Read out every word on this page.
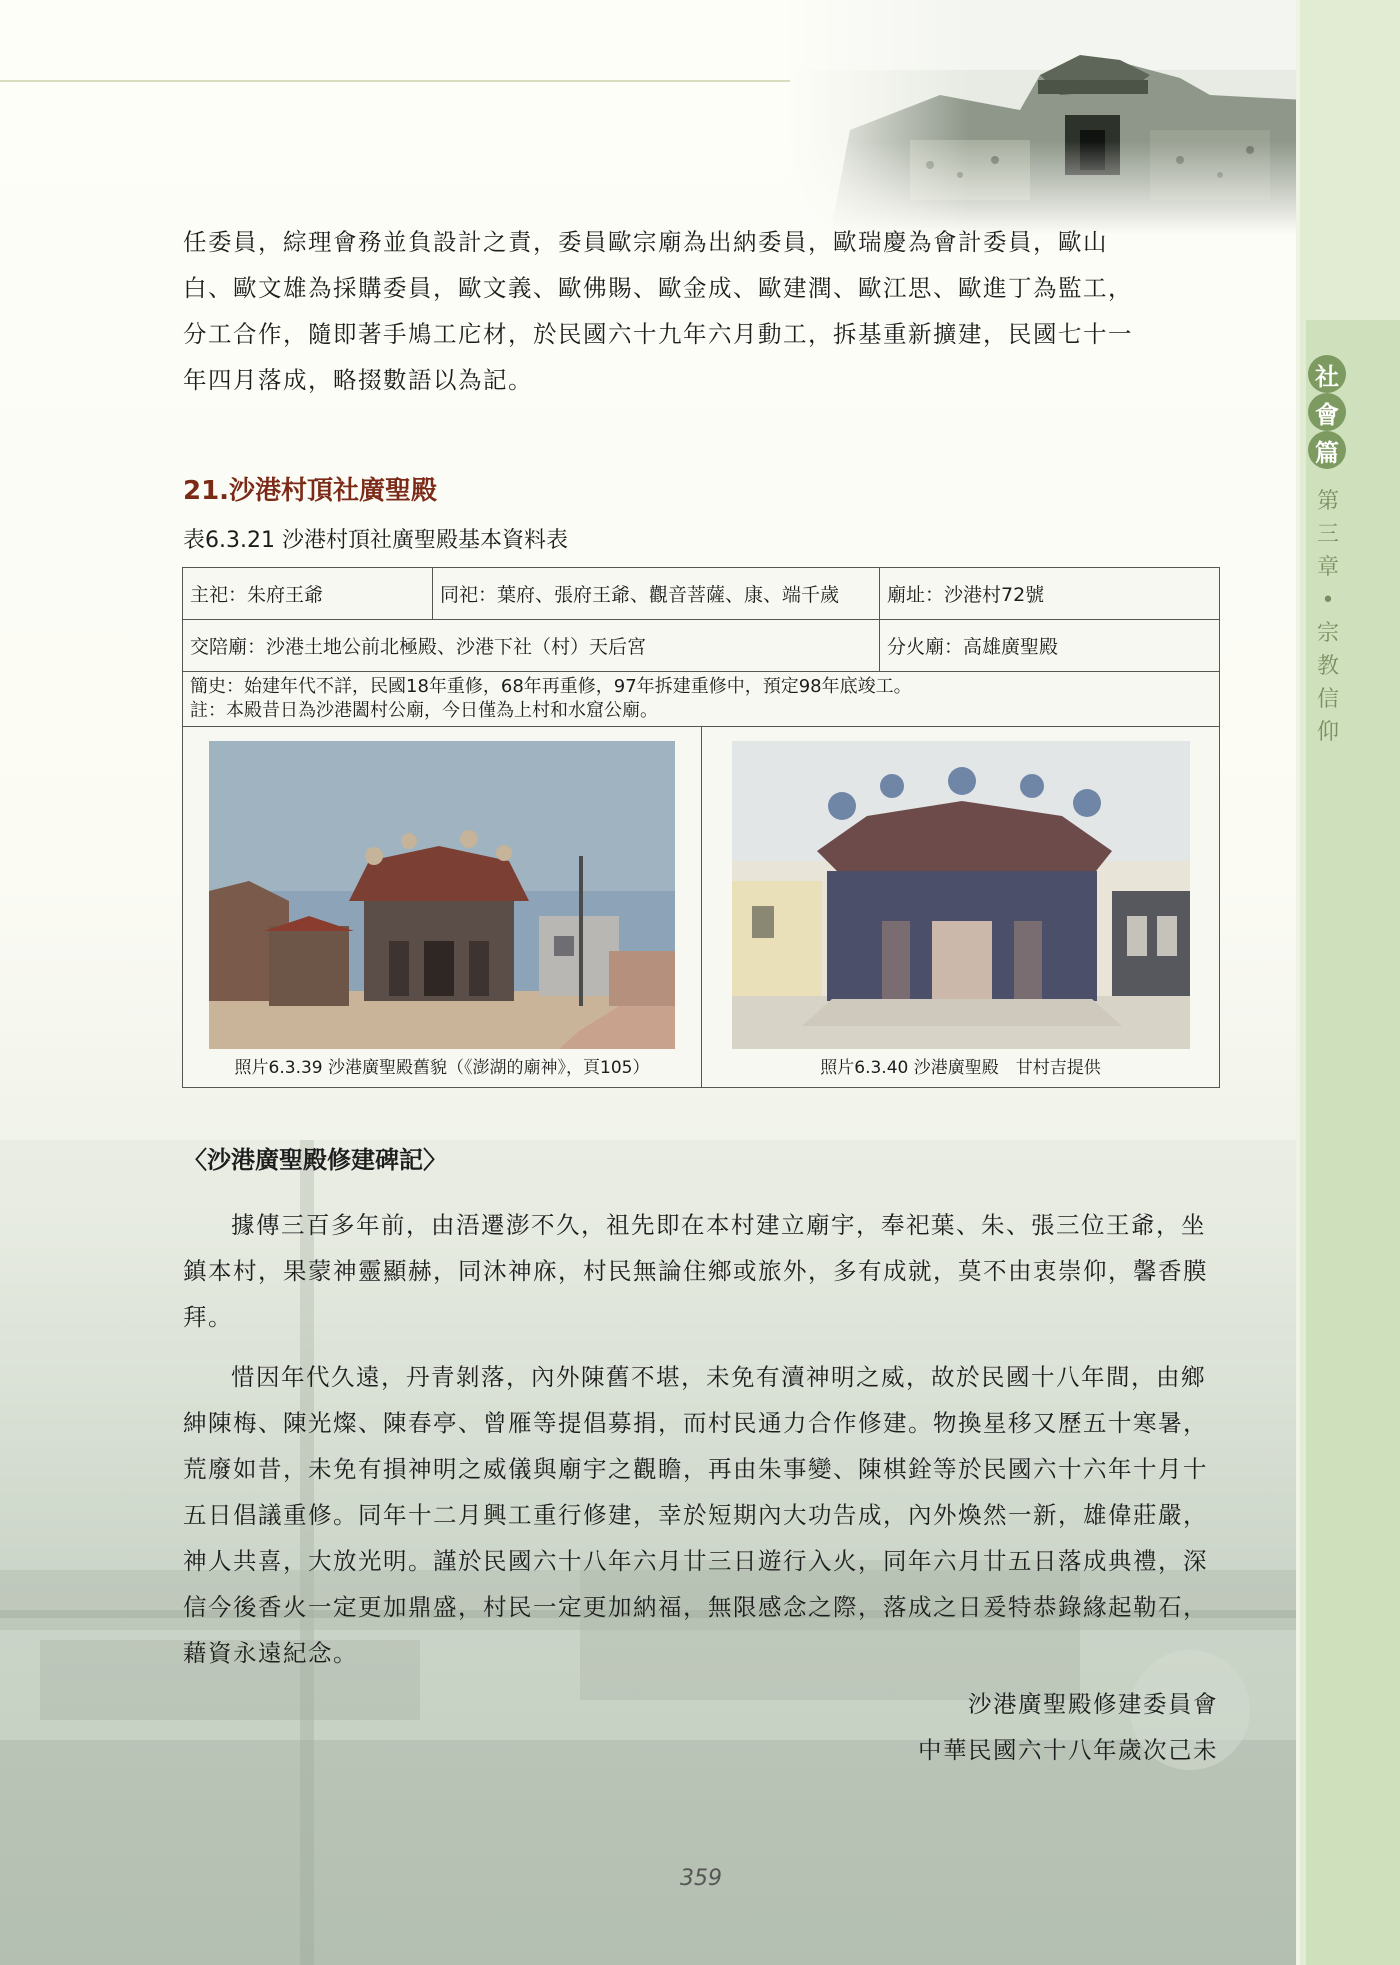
社
會
篇
第
三
章
•
宗
教
信
仰

任委員，綜理會務並負設計之責，委員歐宗廟為出納委員，歐瑞慶為會計委員，歐山

白、歐文雄為採購委員，歐文義、歐佛賜、歐金成、歐建潤、歐江思、歐進丁為監工，

分工合作，隨即著手鳩工庀材，於民國六十九年六月動工，拆基重新擴建，民國七十一

年四月落成，略掇數語以為記。

21.沙港村頂社廣聖殿
表6.3.21 沙港村頂社廣聖殿基本資料表
主祀：朱府王爺	同祀：葉府、張府王爺、觀音菩薩、康、端千歲	廟址：沙港村72號
交陪廟：沙港土地公前北極殿、沙港下社（村）天后宮	分火廟：高雄廣聖殿

簡史：始建年代不詳，民國18年重修，68年再重修，97年拆建重修中，預定98年底竣工。
註：本殿昔日為沙港闔村公廟，今日僅為上村和水窟公廟。

照片6.3.39 沙港廣聖殿舊貌（《澎湖的廟神》，頁105）	照片6.3.40 沙港廣聖殿　甘村吉提供
〈沙港廣聖殿修建碑記〉

據傳三百多年前，由浯遷澎不久，祖先即在本村建立廟宇，奉祀葉、朱、張三位王爺，坐鎮本村，果蒙神靈顯赫，同沐神庥，村民無論住鄉或旅外，多有成就，莫不由衷崇仰，馨香膜拜。

惜因年代久遠，丹青剝落，內外陳舊不堪，未免有瀆神明之威，故於民國十八年間，由鄉紳陳梅、陳光燦、陳春亭、曾雁等提倡募捐，而村民通力合作修建。物換星移又歷五十寒暑，荒廢如昔，未免有損神明之威儀與廟宇之觀瞻，再由朱事變、陳棋銓等於民國六十六年十月十五日倡議重修。同年十二月興工重行修建，幸於短期內大功告成，內外煥然一新，雄偉莊嚴，神人共喜，大放光明。謹於民國六十八年六月廿三日遊行入火，同年六月廿五日落成典禮，深信今後香火一定更加鼎盛，村民一定更加納福，無限感念之際，落成之日爰特恭錄緣起勒石，藉資永遠紀念。

沙港廣聖殿修建委員會
中華民國六十八年歲次己未
359
